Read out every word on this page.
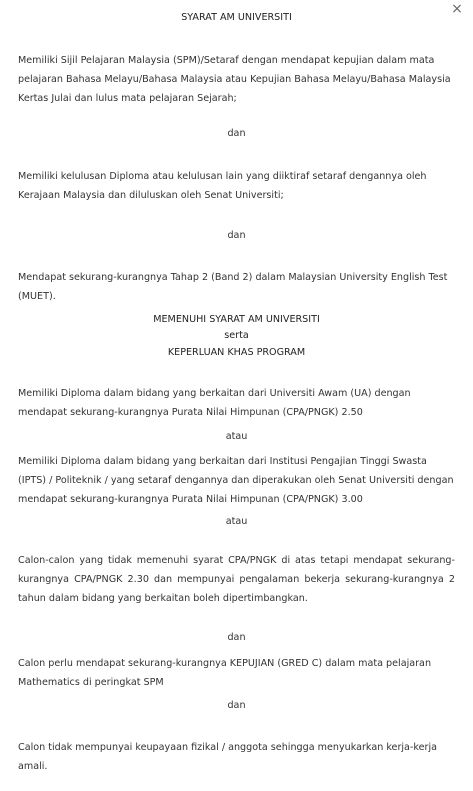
×
SYARAT AM UNIVERSITI
Memiliki Sijil Pelajaran Malaysia (SPM)/Setaraf dengan mendapat kepujian dalam mata pelajaran Bahasa Melayu/Bahasa Malaysia atau Kepujian Bahasa Melayu/Bahasa Malaysia Kertas Julai dan lulus mata pelajaran Sejarah;
dan
Memiliki kelulusan Diploma atau kelulusan lain yang diiktiraf setaraf dengannya oleh Kerajaan Malaysia dan diluluskan oleh Senat Universiti;
dan
Mendapat sekurang-kurangnya Tahap 2 (Band 2) dalam Malaysian University English Test (MUET).
MEMENUHI SYARAT AM UNIVERSITI
serta
KEPERLUAN KHAS PROGRAM
Memiliki Diploma dalam bidang yang berkaitan dari Universiti Awam (UA) dengan mendapat sekurang-kurangnya Purata Nilai Himpunan (CPA/PNGK) 2.50
atau
Memiliki Diploma dalam bidang yang berkaitan dari Institusi Pengajian Tinggi Swasta (IPTS) / Politeknik / yang setaraf dengannya dan diperakukan oleh Senat Universiti dengan mendapat sekurang-kurangnya Purata Nilai Himpunan (CPA/PNGK) 3.00
atau
Calon-calon yang tidak memenuhi syarat CPA/PNGK di atas tetapi mendapat sekurang-kurangnya CPA/PNGK 2.30 dan mempunyai pengalaman bekerja sekurang-kurangnya 2 tahun dalam bidang yang berkaitan boleh dipertimbangkan.
dan
Calon perlu mendapat sekurang-kurangnya KEPUJIAN (GRED C) dalam mata pelajaran Mathematics di peringkat SPM
dan
Calon tidak mempunyai keupayaan fizikal / anggota sehingga menyukarkan kerja-kerja amali.
